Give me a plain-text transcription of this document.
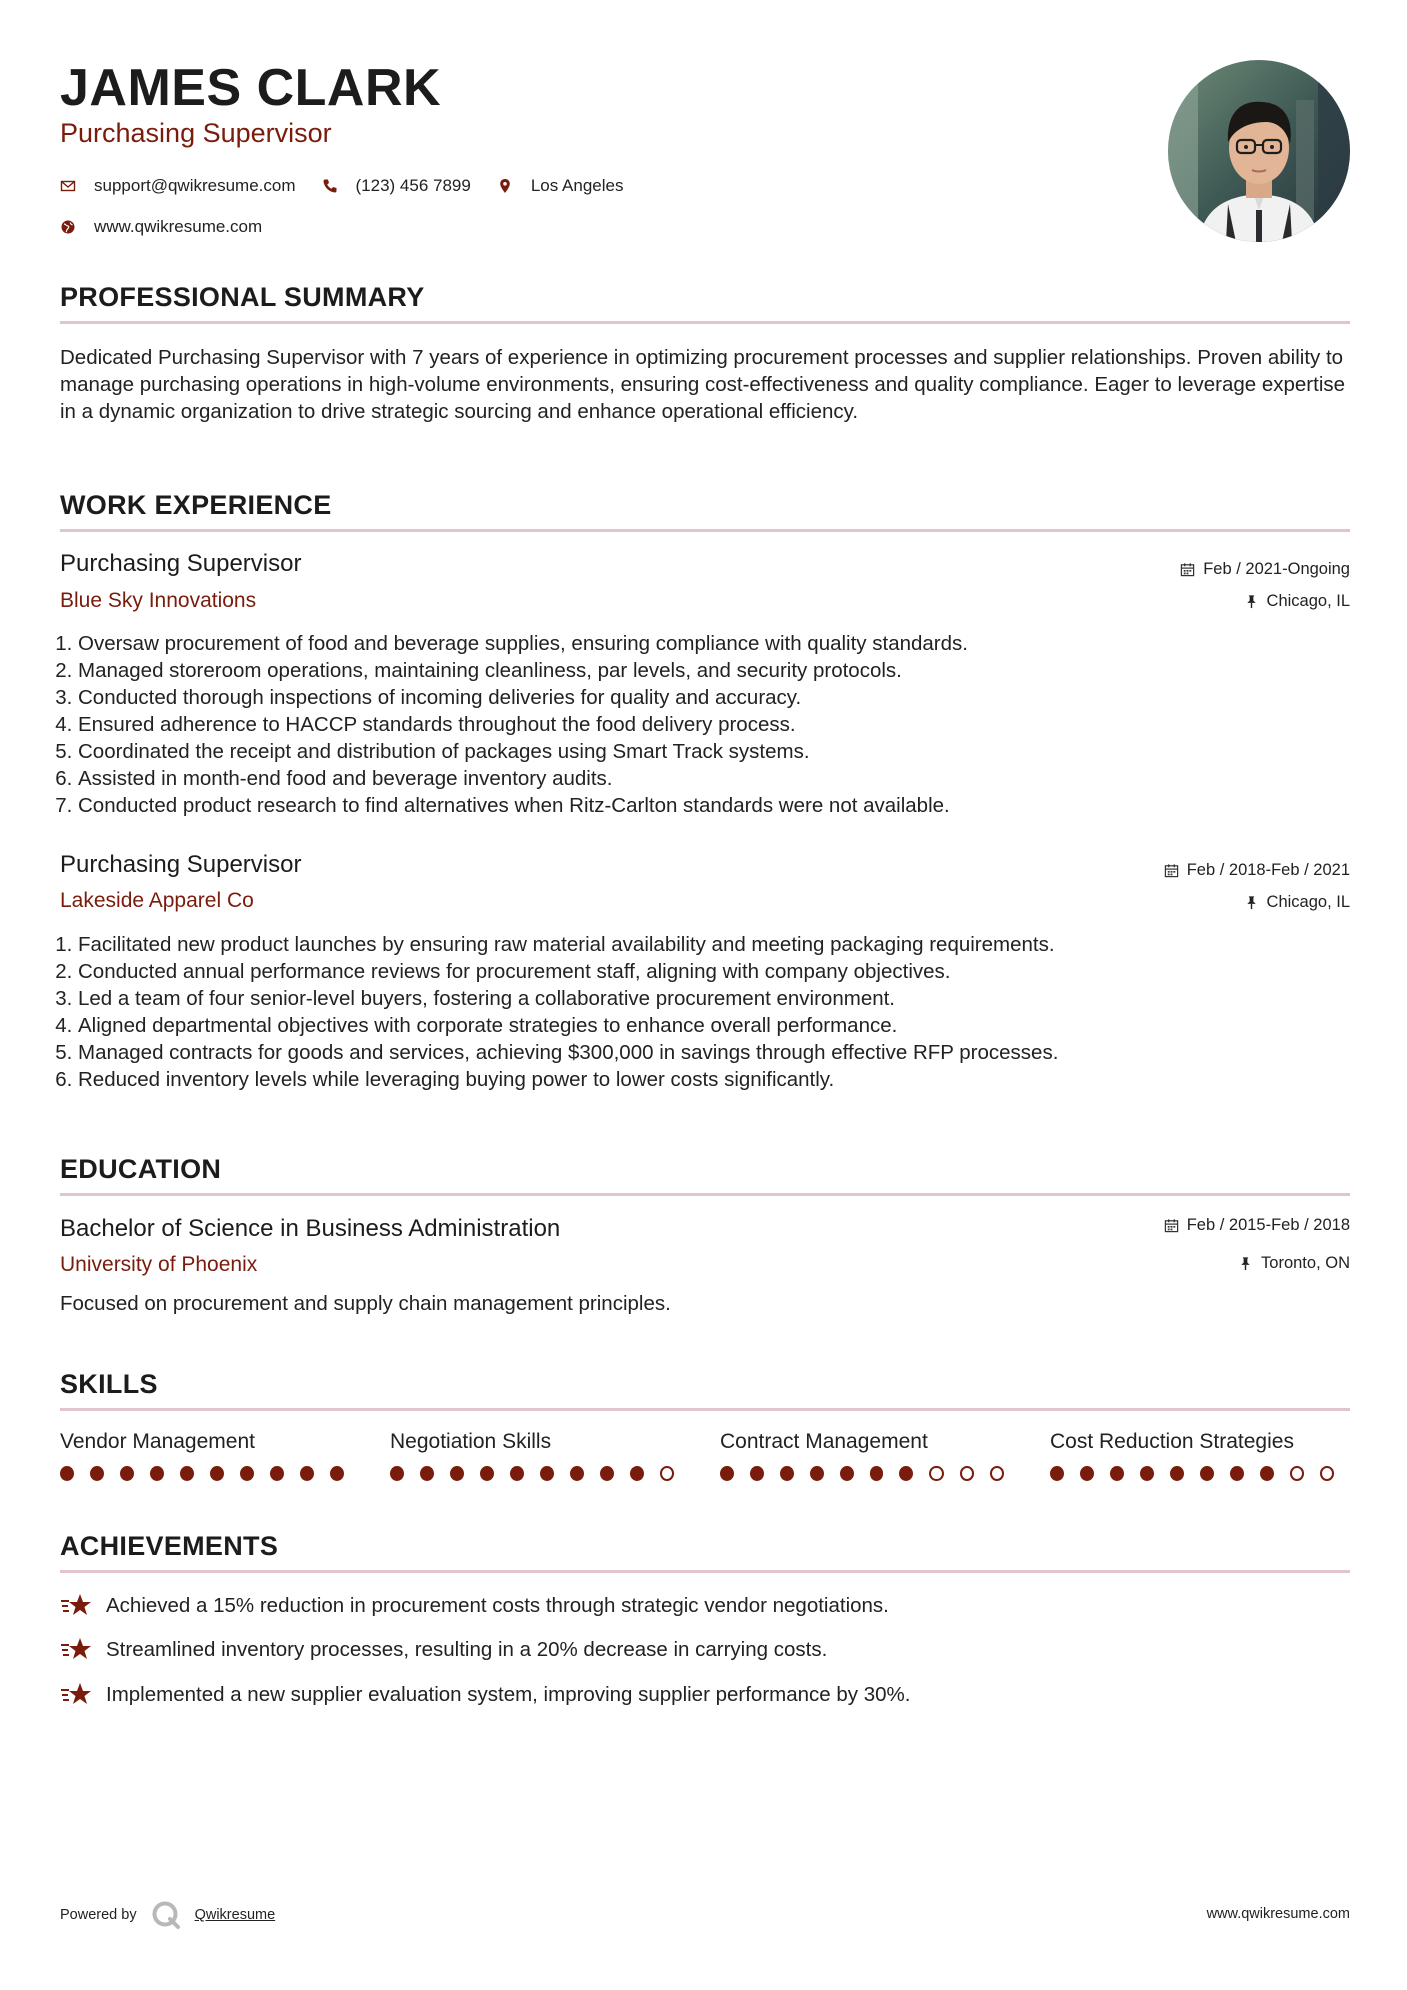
JAMES CLARK
Purchasing Supervisor
support@qwikresume.com	(123) 456 7899	Los Angeles
www.qwikresume.com
PROFESSIONAL SUMMARY
Dedicated Purchasing Supervisor with 7 years of experience in optimizing procurement processes and supplier relationships. Proven ability to manage purchasing operations in high-volume environments, ensuring cost-effectiveness and quality compliance. Eager to leverage expertise in a dynamic organization to drive strategic sourcing and enhance operational efficiency.
WORK EXPERIENCE
Purchasing Supervisor
Blue Sky Innovations
Feb / 2021-Ongoing
Chicago, IL
1. Oversaw procurement of food and beverage supplies, ensuring compliance with quality standards.
2. Managed storeroom operations, maintaining cleanliness, par levels, and security protocols.
3. Conducted thorough inspections of incoming deliveries for quality and accuracy.
4. Ensured adherence to HACCP standards throughout the food delivery process.
5. Coordinated the receipt and distribution of packages using Smart Track systems.
6. Assisted in month-end food and beverage inventory audits.
7. Conducted product research to find alternatives when Ritz-Carlton standards were not available.
Purchasing Supervisor
Lakeside Apparel Co
Feb / 2018-Feb / 2021
Chicago, IL
1. Facilitated new product launches by ensuring raw material availability and meeting packaging requirements.
2. Conducted annual performance reviews for procurement staff, aligning with company objectives.
3. Led a team of four senior-level buyers, fostering a collaborative procurement environment.
4. Aligned departmental objectives with corporate strategies to enhance overall performance.
5. Managed contracts for goods and services, achieving $300,000 in savings through effective RFP processes.
6. Reduced inventory levels while leveraging buying power to lower costs significantly.
EDUCATION
Bachelor of Science in Business Administration
University of Phoenix
Feb / 2015-Feb / 2018
Toronto, ON
Focused on procurement and supply chain management principles.
SKILLS
Vendor Management	Negotiation Skills	Contract Management	Cost Reduction Strategies
ACHIEVEMENTS
Achieved a 15% reduction in procurement costs through strategic vendor negotiations.
Streamlined inventory processes, resulting in a 20% decrease in carrying costs.
Implemented a new supplier evaluation system, improving supplier performance by 30%.
Powered by	Qwikresume	www.qwikresume.com
